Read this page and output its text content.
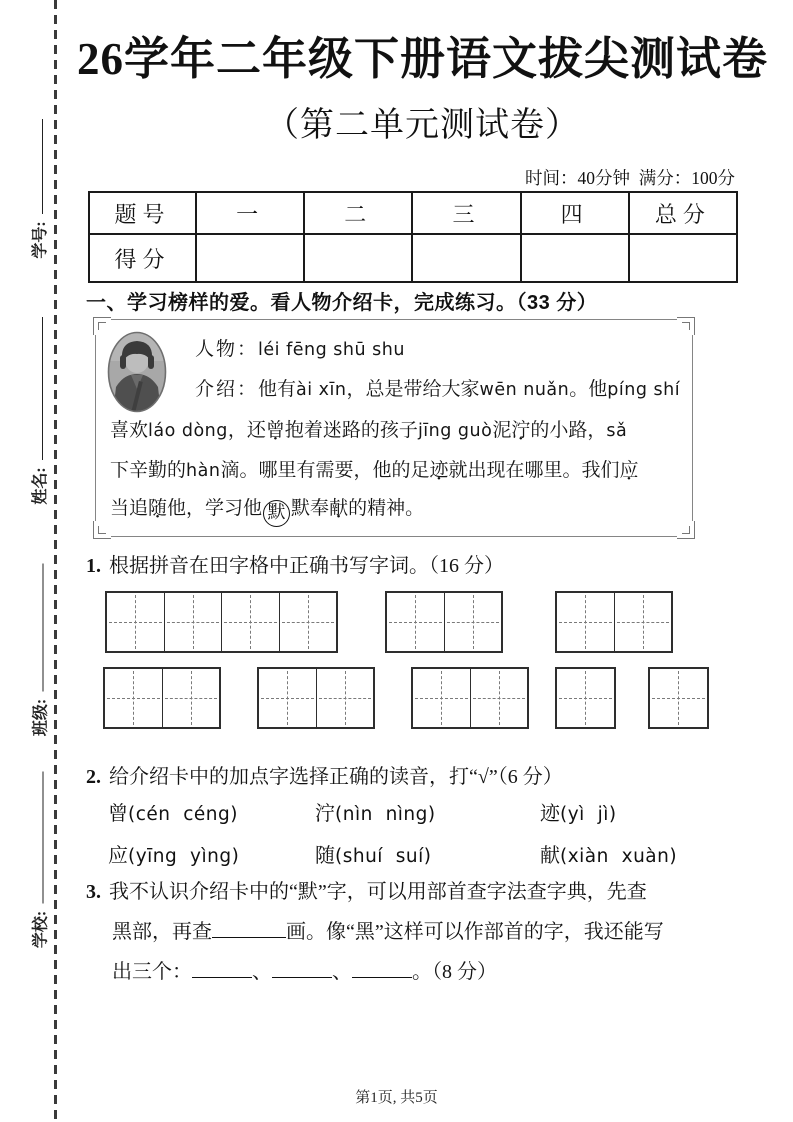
学号:
姓名:
班级:
学校:
26学年二年级下册语文拔尖测试卷
（第二单元测试卷）
时间：40分钟  满分：100分
题号	一	二	三	四	总分
得分					
一、学习榜样的爱。看人物介绍卡，完成练习。（33 分）
人物：léi fēng shū shu
介绍：他有ài xīn，总是带给大家wēn nuǎn。他píng shí
喜欢láo dòng，还曾抱着迷路的孩子jīng guò泥泞的小路，sǎ
下辛勤的hàn滴。哪里有需要，他的足迹就出现在哪里。我们应
当追随他，学习他 默 默奉献的精神。
1. 根据拼音在田字格中正确书写字词。（16 分）
2. 给介绍卡中的加点字选择正确的读音，打“√”（6 分）
曾(cén  céng)	泞(nìn  nìng)	迹(yì  jì)
应(yīng  yìng)	随(shuí  suí)	献(xiàn  xuàn)
3. 我不认识介绍卡中的“默”字，可以用部首查字法查字典，先查
黑部，再查	画。像“黑”这样可以作部首的字，我还能写
出三个：	、	、	。（8 分）
第1页, 共5页
